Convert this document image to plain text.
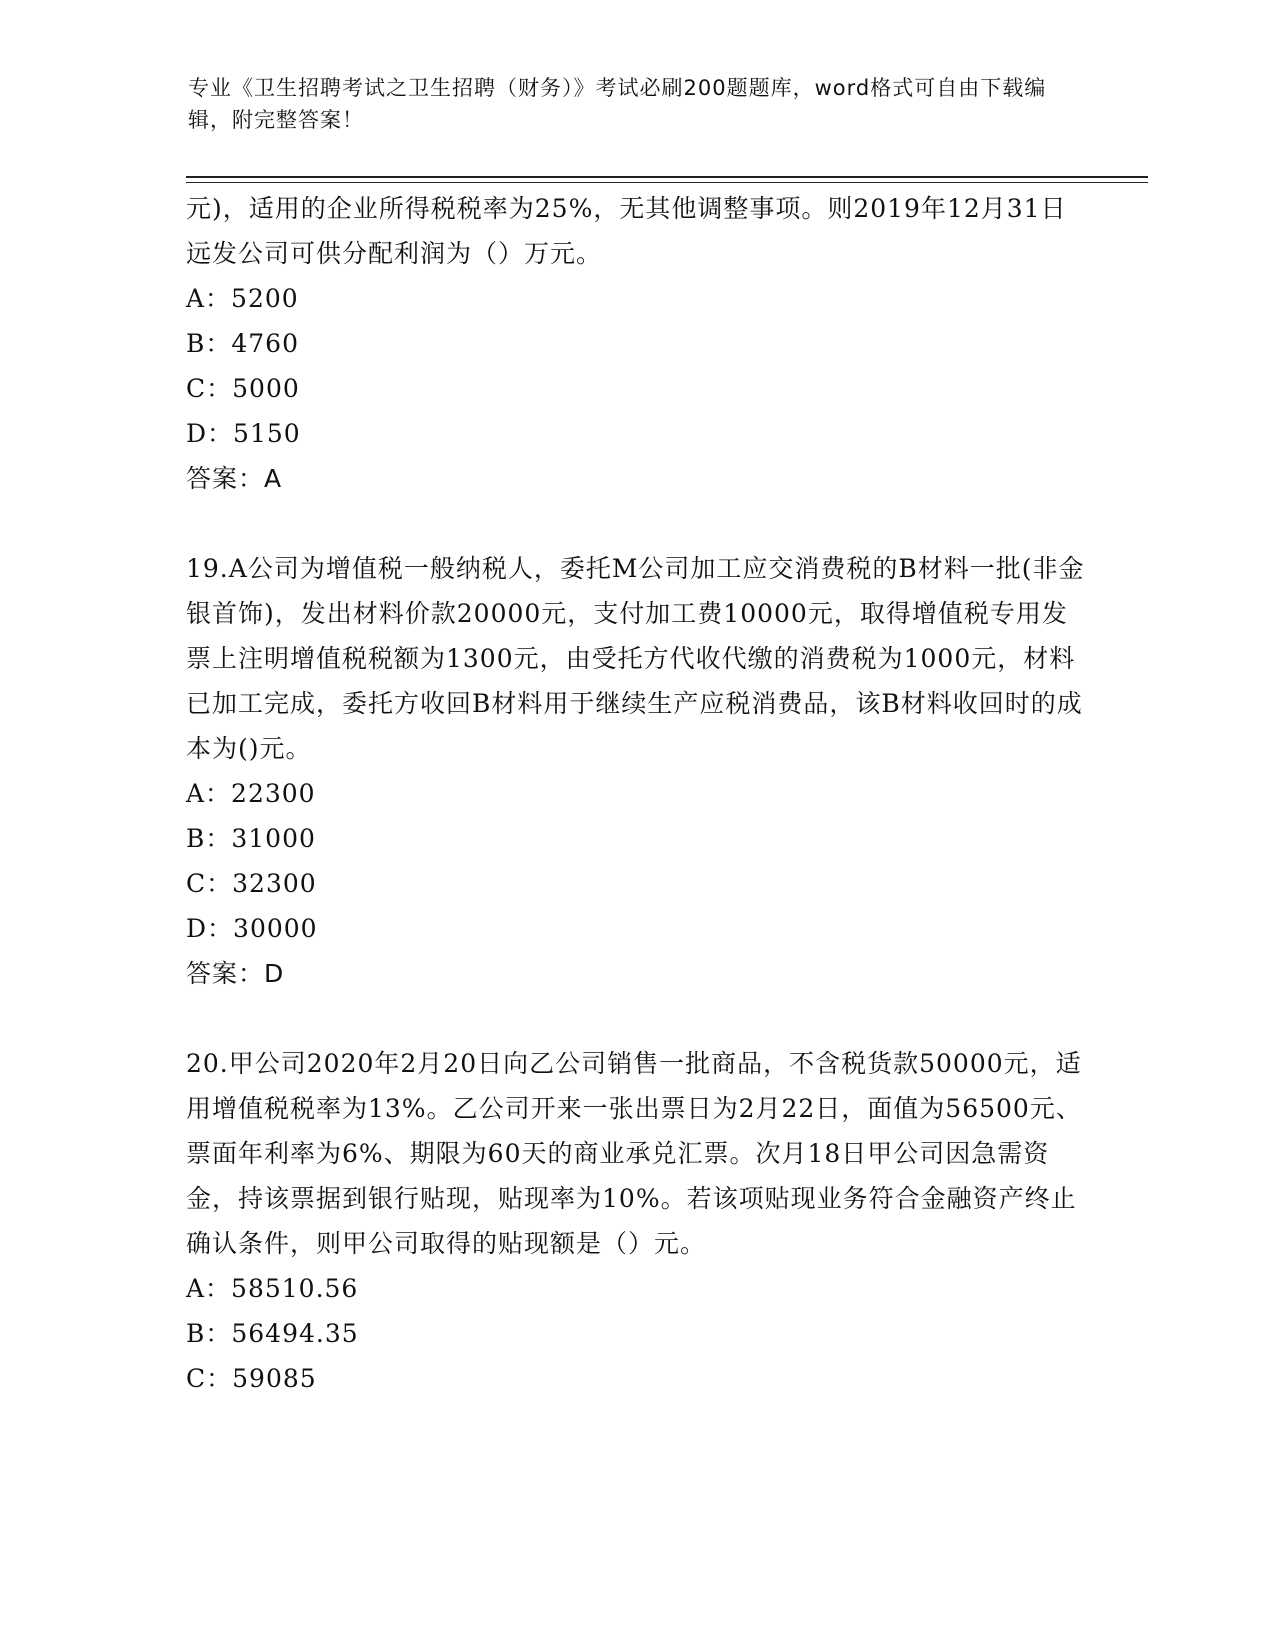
专业《卫生招聘考试之卫生招聘（财务）》考试必刷200题题库，word格式可自由下载编辑，附完整答案！

元)，适用的企业所得税税率为25%，无其他调整事项。则2019年12月31日远发公司可供分配利润为（）万元。

A：5200

B：4760

C：5000

D：5150

答案：A

19.A公司为增值税一般纳税人，委托M公司加工应交消费税的B材料一批(非金银首饰)，发出材料价款20000元，支付加工费10000元，取得增值税专用发票上注明增值税税额为1300元，由受托方代收代缴的消费税为1000元，材料已加工完成，委托方收回B材料用于继续生产应税消费品，该B材料收回时的成本为()元。

A：22300

B：31000

C：32300

D：30000

答案：D

20.甲公司2020年2月20日向乙公司销售一批商品，不含税货款50000元，适用增值税税率为13%。乙公司开来一张出票日为2月22日，面值为56500元、票面年利率为6%、期限为60天的商业承兑汇票。次月18日甲公司因急需资金，持该票据到银行贴现，贴现率为10%。若该项贴现业务符合金融资产终止确认条件，则甲公司取得的贴现额是（）元。

A：58510.56

B：56494.35

C：59085
